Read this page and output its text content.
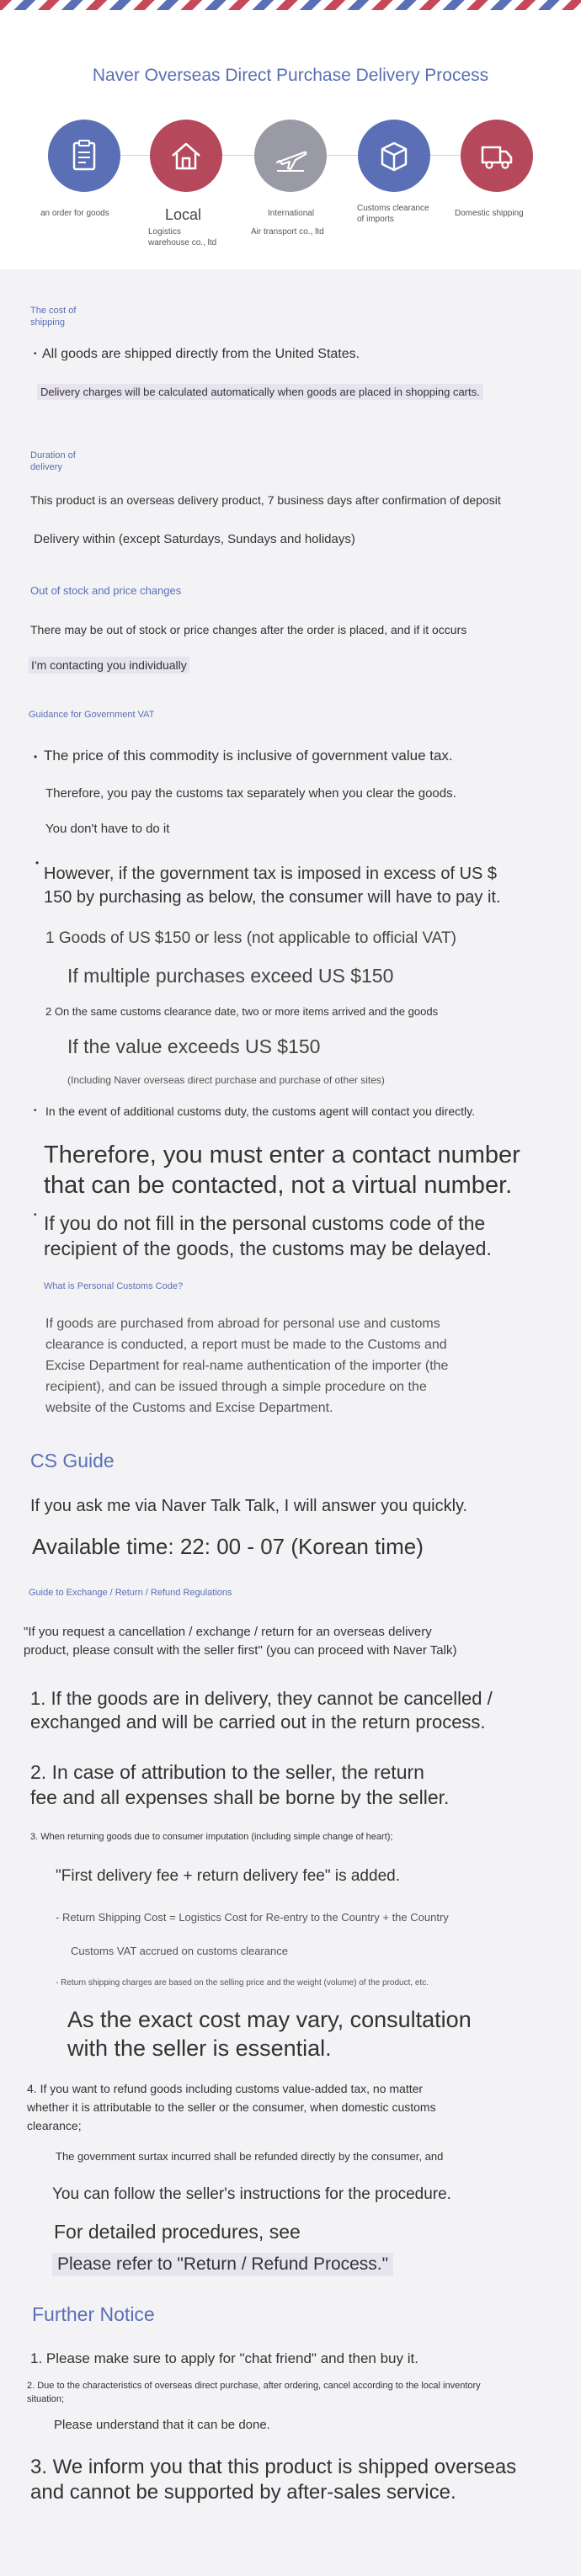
Naver Overseas Direct Purchase Delivery Process
an order for goods	Local
Logistics warehouse co., ltd
International
Air transport co., ltd
Customs clearance of imports
Domestic shipping
The cost of shipping
• All goods are shipped directly from the United States.
Delivery charges will be calculated automatically when goods are placed in shopping carts.
Duration of delivery
This product is an overseas delivery product, 7 business days after confirmation of deposit
Delivery within (except Saturdays, Sundays and holidays)
Out of stock and price changes
There may be out of stock or price changes after the order is placed, and if it occurs
I'm contacting you individually
Guidance for Government VAT
• The price of this commodity is inclusive of government value tax.
Therefore, you pay the customs tax separately when you clear the goods.
You don't have to do it
•
However, if the government tax is imposed in excess of US $
150 by purchasing as below, the consumer will have to pay it.
1 Goods of US $150 or less (not applicable to official VAT)
If multiple purchases exceed US $150
2 On the same customs clearance date, two or more items arrived and the goods
If the value exceeds US $150
(Including Naver overseas direct purchase and purchase of other sites)
• In the event of additional customs duty, the customs agent will contact you directly.
Therefore, you must enter a contact number
that can be contacted, not a virtual number.
• If you do not fill in the personal customs code of the
recipient of the goods, the customs may be delayed.
What is Personal Customs Code?
If goods are purchased from abroad for personal use and customs
clearance is conducted, a report must be made to the Customs and
Excise Department for real-name authentication of the importer (the
recipient), and can be issued through a simple procedure on the
website of the Customs and Excise Department.
CS Guide
If you ask me via Naver Talk Talk, I will answer you quickly.
Available time: 22: 00 - 07 (Korean time)
Guide to Exchange / Return / Refund Regulations
"If you request a cancellation / exchange / return for an overseas delivery
product, please consult with the seller first" (you can proceed with Naver Talk)
1. If the goods are in delivery, they cannot be cancelled /
exchanged and will be carried out in the return process.
2. In case of attribution to the seller, the return
fee and all expenses shall be borne by the seller.
3. When returning goods due to consumer imputation (including simple change of heart);
"First delivery fee + return delivery fee" is added.
- Return Shipping Cost = Logistics Cost for Re-entry to the Country + the Country
Customs VAT accrued on customs clearance
- Return shipping charges are based on the selling price and the weight (volume) of the product, etc.
As the exact cost may vary, consultation
with the seller is essential.
4. If you want to refund goods including customs value-added tax, no matter
whether it is attributable to the seller or the consumer, when domestic customs
clearance;
The government surtax incurred shall be refunded directly by the consumer, and
You can follow the seller's instructions for the procedure.
For detailed procedures, see
Please refer to "Return / Refund Process."
Further Notice
1. Please make sure to apply for "chat friend" and then buy it.
2. Due to the characteristics of overseas direct purchase, after ordering, cancel according to the local inventory
situation;
Please understand that it can be done.
3. We inform you that this product is shipped overseas
and cannot be supported by after-sales service.
